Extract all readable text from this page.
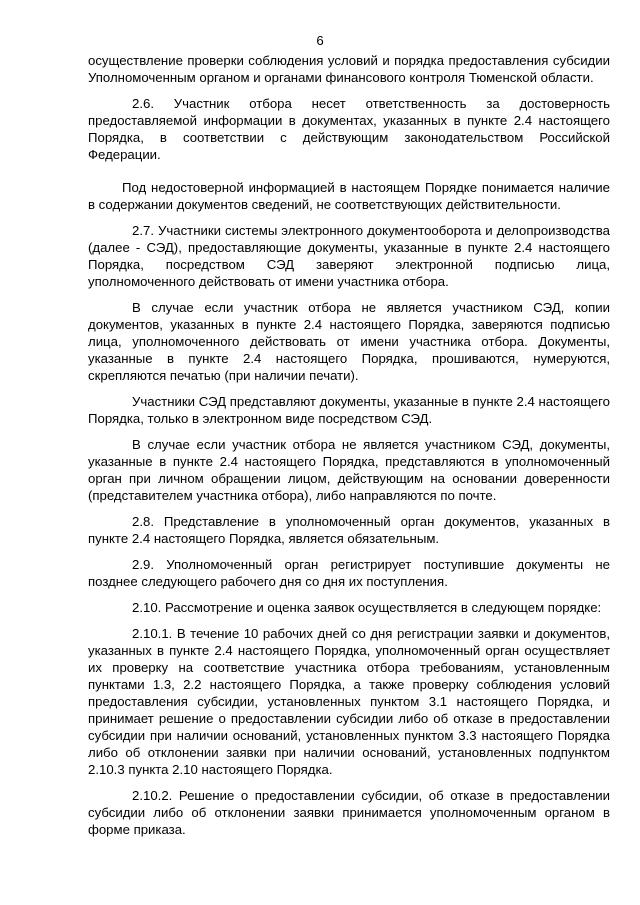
6

осуществление проверки соблюдения условий и порядка предоставления субсидии Уполномоченным органом и органами финансового контроля Тюменской области.

2.6. Участник отбора несет ответственность за достоверность предоставляемой информации в документах, указанных в пункте 2.4 настоящего Порядка, в соответствии с действующим законодательством Российской Федерации.

Под недостоверной информацией в настоящем Порядке понимается наличие в содержании документов сведений, не соответствующих действительности.

2.7. Участники системы электронного документооборота и делопроизводства (далее - СЭД), предоставляющие документы, указанные в пункте 2.4 настоящего Порядка, посредством СЭД заверяют электронной подписью лица, уполномоченного действовать от имени участника отбора.

В случае если участник отбора не является участником СЭД, копии документов, указанных в пункте 2.4 настоящего Порядка, заверяются подписью лица, уполномоченного действовать от имени участника отбора. Документы, указанные в пункте 2.4 настоящего Порядка, прошиваются, нумеруются, скрепляются печатью (при наличии печати).

Участники СЭД представляют документы, указанные в пункте 2.4 настоящего Порядка, только в электронном виде посредством СЭД.

В случае если участник отбора не является участником СЭД, документы, указанные в пункте 2.4 настоящего Порядка, представляются в уполномоченный орган при личном обращении лицом, действующим на основании доверенности (представителем участника отбора), либо направляются по почте.

2.8. Представление в уполномоченный орган документов, указанных в пункте 2.4 настоящего Порядка, является обязательным.

2.9. Уполномоченный орган регистрирует поступившие документы не позднее следующего рабочего дня со дня их поступления.

2.10. Рассмотрение и оценка заявок осуществляется в следующем порядке:

2.10.1. В течение 10 рабочих дней со дня регистрации заявки и документов, указанных в пункте 2.4 настоящего Порядка, уполномоченный орган осуществляет их проверку на соответствие участника отбора требованиям, установленным пунктами 1.3, 2.2 настоящего Порядка, а также проверку соблюдения условий предоставления субсидии, установленных пунктом 3.1 настоящего Порядка, и принимает решение о предоставлении субсидии либо об отказе в предоставлении субсидии при наличии оснований, установленных пунктом 3.3 настоящего Порядка либо об отклонении заявки при наличии оснований, установленных подпунктом 2.10.3 пункта 2.10 настоящего Порядка.

2.10.2. Решение о предоставлении субсидии, об отказе в предоставлении субсидии либо об отклонении заявки принимается уполномоченным органом в форме приказа.
